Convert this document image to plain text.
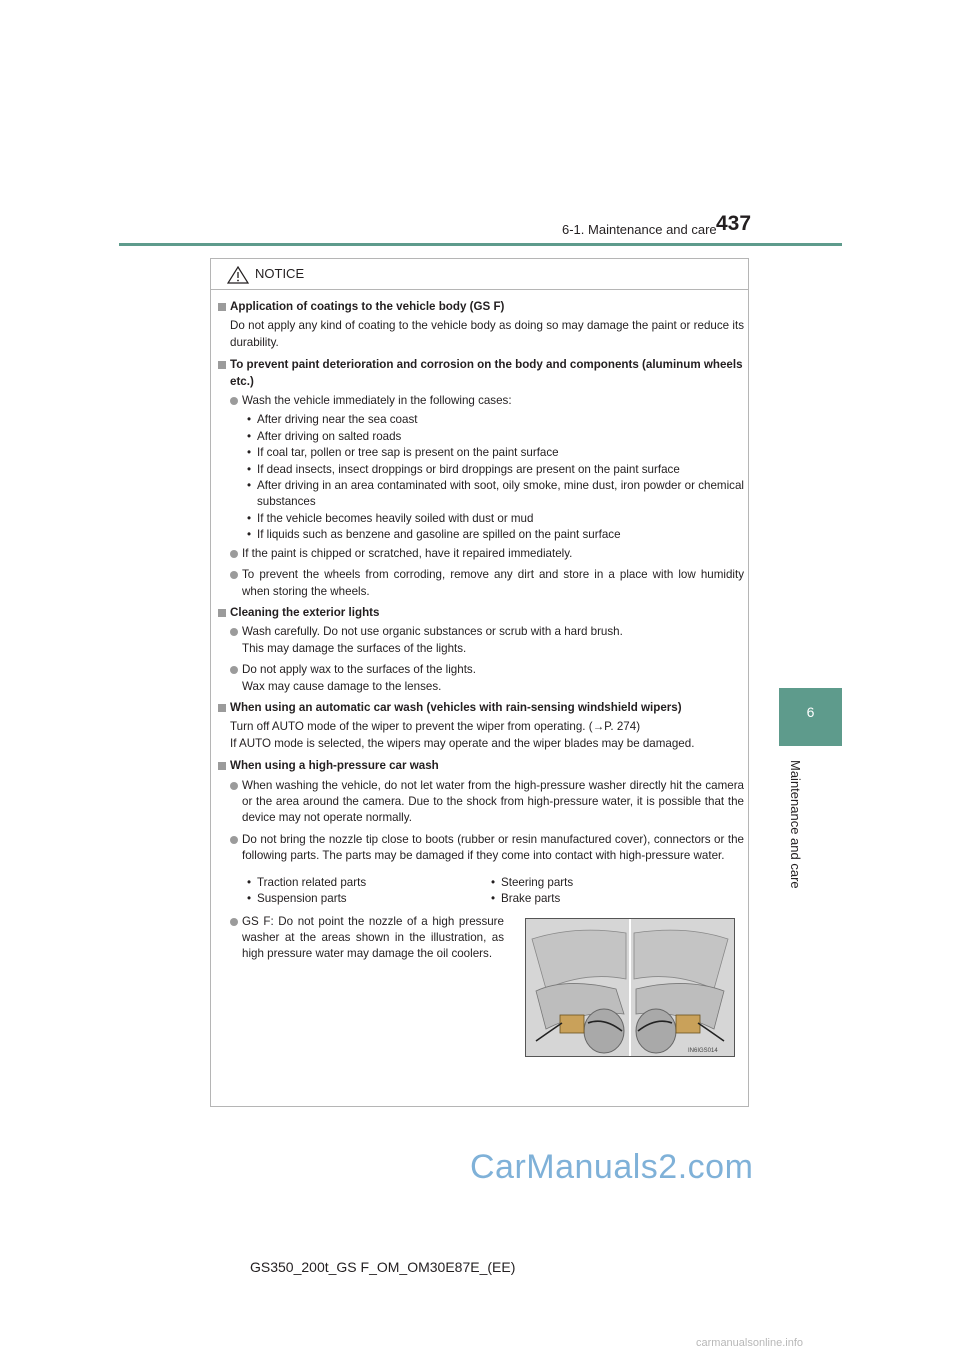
6-1. Maintenance and care 437
6
Maintenance and care
NOTICE
Application of coatings to the vehicle body (GS F)
Do not apply any kind of coating to the vehicle body as doing so may damage the paint or reduce its durability.
To prevent paint deterioration and corrosion on the body and components (aluminum wheels etc.)
Wash the vehicle immediately in the following cases:
• After driving near the sea coast
• After driving on salted roads
• If coal tar, pollen or tree sap is present on the paint surface
• If dead insects, insect droppings or bird droppings are present on the paint surface
• After driving in an area contaminated with soot, oily smoke, mine dust, iron powder or chemical substances
• If the vehicle becomes heavily soiled with dust or mud
• If liquids such as benzene and gasoline are spilled on the paint surface
If the paint is chipped or scratched, have it repaired immediately.
To prevent the wheels from corroding, remove any dirt and store in a place with low humidity when storing the wheels.
Cleaning the exterior lights
Wash carefully. Do not use organic substances or scrub with a hard brush.
This may damage the surfaces of the lights.
Do not apply wax to the surfaces of the lights.
Wax may cause damage to the lenses.
When using an automatic car wash (vehicles with rain-sensing windshield wipers)
Turn off AUTO mode of the wiper to prevent the wiper from operating. (→P. 274)
If AUTO mode is selected, the wipers may operate and the wiper blades may be damaged.
When using a high-pressure car wash
When washing the vehicle, do not let water from the high-pressure washer directly hit the camera or the area around the camera. Due to the shock from high-pressure water, it is possible that the device may not operate normally.
Do not bring the nozzle tip close to boots (rubber or resin manufactured cover), connectors or the following parts. The parts may be damaged if they come into contact with high-pressure water.
• Traction related parts	• Steering parts
• Suspension parts	• Brake parts
GS F: Do not point the nozzle of a high pressure washer at the areas shown in the illustration, as high pressure water may damage the oil coolers.
IN6IGS014
GS350_200t_GS F_OM_OM30E87E_(EE)
CarManuals2.com
carmanualsonline.info
